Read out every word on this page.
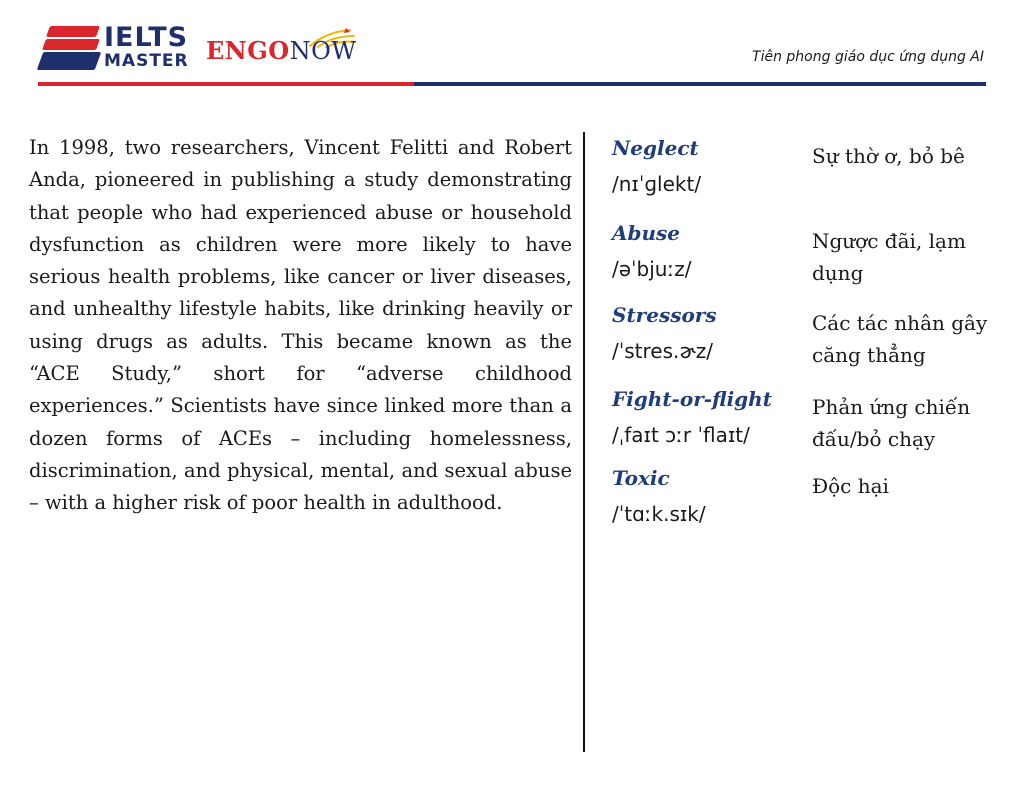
IELTS
MASTER ENGONOW	Tiên phong giáo dục ứng dụng AI

In 1998, two researchers, Vincent Felitti and Robert Anda, pioneered in publishing a study demonstrating that people who had experienced abuse or household dysfunction as children were more likely to have serious health problems, like cancer or liver diseases, and unhealthy lifestyle habits, like drinking heavily or using drugs as adults. This became known as the “ACE Study,” short for “adverse childhood experiences.” Scientists have since linked more than a dozen forms of ACEs – including homelessness, discrimination, and physical, mental, and sexual abuse – with a higher risk of poor health in adulthood.

Neglect
/nɪˈɡlekt/
Sự thờ ơ, bỏ bê
Abuse
/əˈbjuːz/
Ngược đãi, lạm dụng
Stressors
/ˈstres.ɚz/
Các tác nhân gây căng thẳng
Fight-or-flight
/ˌfaɪt ɔːr ˈflaɪt/
Phản ứng chiến đấu/bỏ chạy
Toxic
/ˈtɑːk.sɪk/
Độc hại
